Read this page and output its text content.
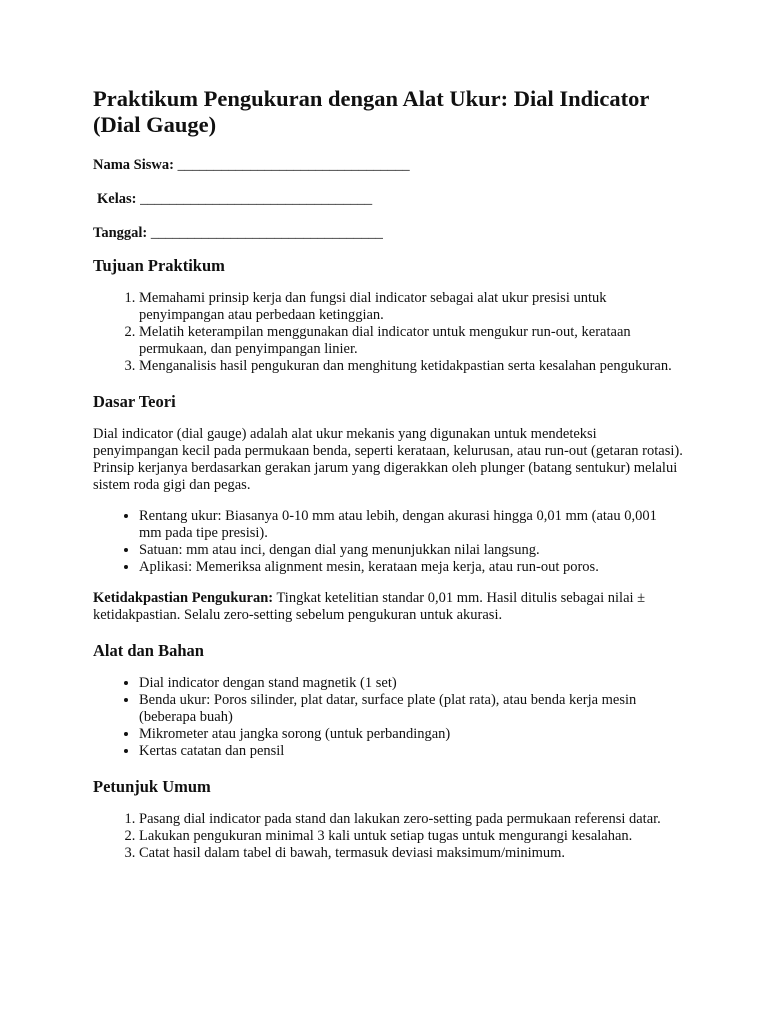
Praktikum Pengukuran dengan Alat Ukur: Dial Indicator (Dial Gauge)

Nama Siswa: ________________________________

Kelas: ________________________________

Tanggal: ________________________________

Tujuan Praktikum
1. Memahami prinsip kerja dan fungsi dial indicator sebagai alat ukur presisi untuk penyimpangan atau perbedaan ketinggian.
2. Melatih keterampilan menggunakan dial indicator untuk mengukur run-out, kerataan permukaan, dan penyimpangan linier.
3. Menganalisis hasil pengukuran dan menghitung ketidakpastian serta kesalahan pengukuran.
Dasar Teori

Dial indicator (dial gauge) adalah alat ukur mekanis yang digunakan untuk mendeteksi penyimpangan kecil pada permukaan benda, seperti kerataan, kelurusan, atau run-out (getaran rotasi). Prinsip kerjanya berdasarkan gerakan jarum yang digerakkan oleh plunger (batang sentukur) melalui sistem roda gigi dan pegas.

• Rentang ukur: Biasanya 0-10 mm atau lebih, dengan akurasi hingga 0,01 mm (atau 0,001 mm pada tipe presisi).
• Satuan: mm atau inci, dengan dial yang menunjukkan nilai langsung.
• Aplikasi: Memeriksa alignment mesin, kerataan meja kerja, atau run-out poros.

Ketidakpastian Pengukuran: Tingkat ketelitian standar 0,01 mm. Hasil ditulis sebagai nilai ± ketidakpastian. Selalu zero-setting sebelum pengukuran untuk akurasi.

Alat dan Bahan
• Dial indicator dengan stand magnetik (1 set)
• Benda ukur: Poros silinder, plat datar, surface plate (plat rata), atau benda kerja mesin (beberapa buah)
• Mikrometer atau jangka sorong (untuk perbandingan)
• Kertas catatan dan pensil
Petunjuk Umum
1. Pasang dial indicator pada stand dan lakukan zero-setting pada permukaan referensi datar.
2. Lakukan pengukuran minimal 3 kali untuk setiap tugas untuk mengurangi kesalahan.
3. Catat hasil dalam tabel di bawah, termasuk deviasi maksimum/minimum.
